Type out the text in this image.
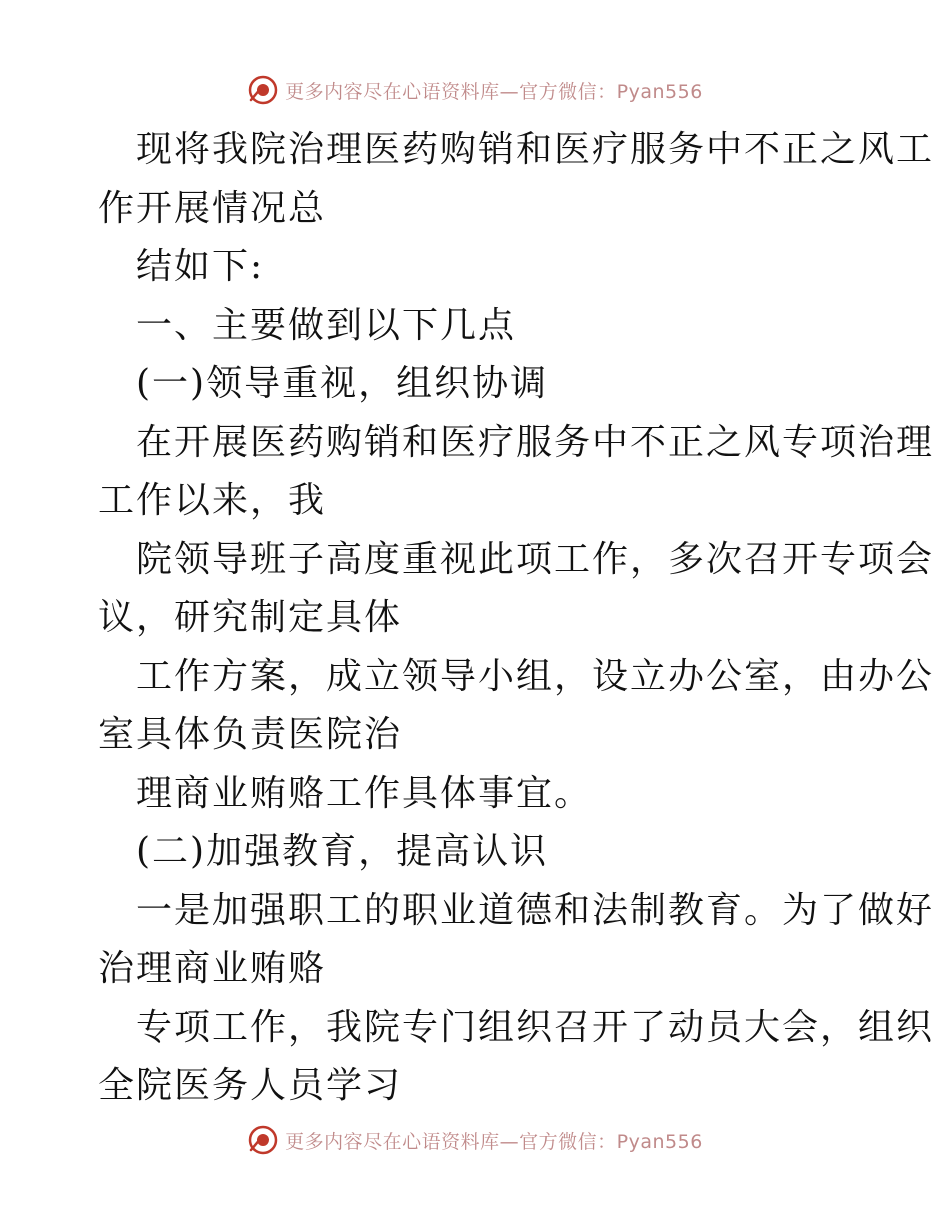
更多内容尽在心语资料库—官方微信：Pyan556
现将我院治理医药购销和医疗服务中不正之风工
作开展情况总
结如下:
一、主要做到以下几点
(一)领导重视，组织协调
在开展医药购销和医疗服务中不正之风专项治理
工作以来，我
院领导班子高度重视此项工作，多次召开专项会
议，研究制定具体
工作方案，成立领导小组，设立办公室，由办公
室具体负责医院治
理商业贿赂工作具体事宜。
(二)加强教育，提高认识
一是加强职工的职业道德和法制教育。为了做好
治理商业贿赂
专项工作，我院专门组织召开了动员大会，组织
全院医务人员学习
更多内容尽在心语资料库—官方微信：Pyan556
